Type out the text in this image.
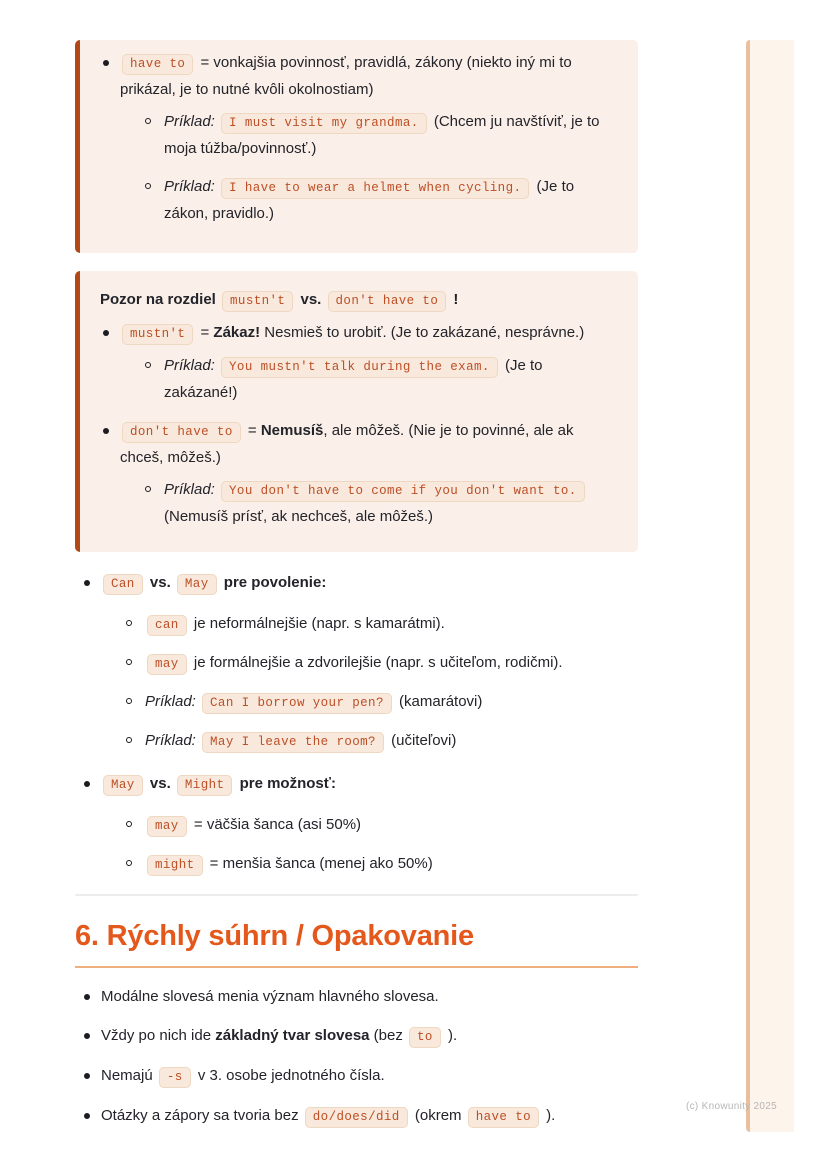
have to = vonkajšia povinnosť, pravidlá, zákony (niekto iný mi to prikázal, je to nutné kvôli okolnostiam)
Príklad: I must visit my grandma. (Chcem ju navštíviť, je to moja túžba/povinnosť.)
Príklad: I have to wear a helmet when cycling. (Je to zákon, pravidlo.)

Pozor na rozdiel mustn't vs. don't have to !

mustn't = Zákaz! Nesmieš to urobiť. (Je to zakázané, nesprávne.)
Príklad: You mustn't talk during the exam. (Je to zakázané!)
don't have to = Nemusíš, ale môžeš. (Nie je to povinné, ale ak chceš, môžeš.)
Príklad: You don't have to come if you don't want to. (Nemusíš prísť, ak nechceš, ale môžeš.)
Can vs. May pre povolenie:
can je neformálnejšie (napr. s kamarátmi).
may je formálnejšie a zdvorilejšie (napr. s učiteľom, rodičmi).
Príklad: Can I borrow your pen? (kamarátovi)
Príklad: May I leave the room? (učiteľovi)
May vs. Might pre možnosť:
may = väčšia šanca (asi 50%)
might = menšia šanca (menej ako 50%)
6. Rýchly súhrn / Opakovanie
Modálne slovesá menia význam hlavného slovesa.
Vždy po nich ide základný tvar slovesa (bez to ).
Nemajú -s v 3. osobe jednotného čísla.
Otázky a zápory sa tvoria bez do/does/did (okrem have to ).
(c) Knowunity 2025
